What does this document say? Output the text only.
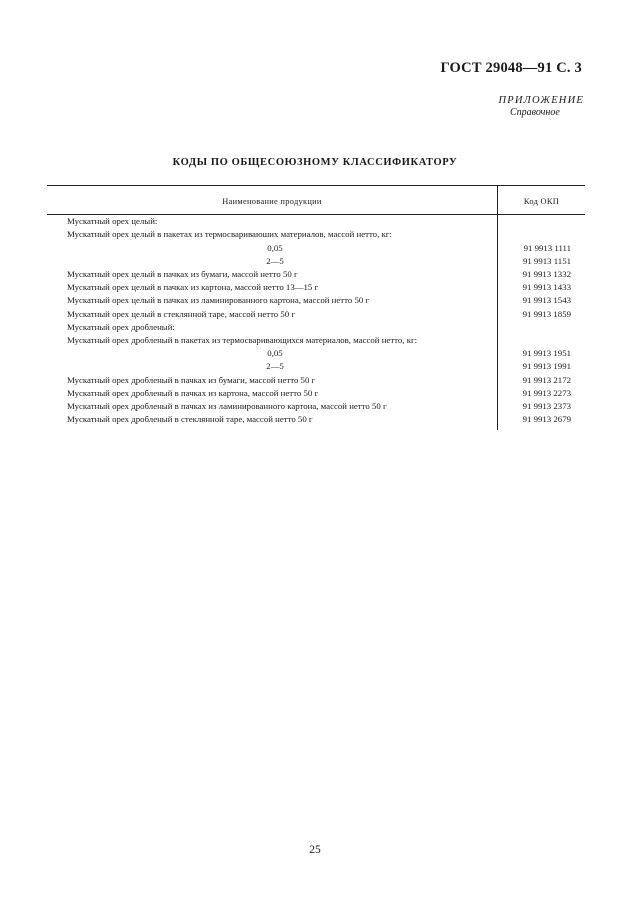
ГОСТ 29048—91 С. 3
ПРИЛОЖЕНИЕ
Справочное
КОДЫ ПО ОБЩЕСОЮЗНОМУ КЛАССИФИКАТОРУ
Наименование продукции	Код ОКП
Мускатный орех целый:
Мускатный орех целый в пакетах из термосвариваюших материалов, массой нетто, кг:
0,05	91 9913 1111
2—5	91 9913 1151
Мускатный орех целый в пачках из бумаги, массой нетто 50 г	91 9913 1332
Мускатный орех целый в пачках из картона, массой нетто 13—15 г	91 9913 1433
Мускатный орех целый в пачках из ламинированного картона, массой нетто 50 г	91 9913 1543
Мускатный орех целый в стеклянной таре, массой нетто 50 г	91 9913 1859
Мускатный орех дробленый:
Мускатный орех дробленый в пакетах из термосваривающихся материалов, массой нетто, кг:
0,05	91 9913 1951
2—5	91 9913 1991
Мускатный орех дробленый в пачках из бумаги, массой нетто 50 г	91 9913 2172
Мускатный орех дробленый в пачках из картона, массой нетто 50 г	91 9913 2273
Мускатный орех дробленый в пачках из ламинированного картона, массой нетто 50 г	91 9913 2373
Мускатный орех дробленый в стеклянной таре, массой нетто 50 г	91 9913 2679
25
